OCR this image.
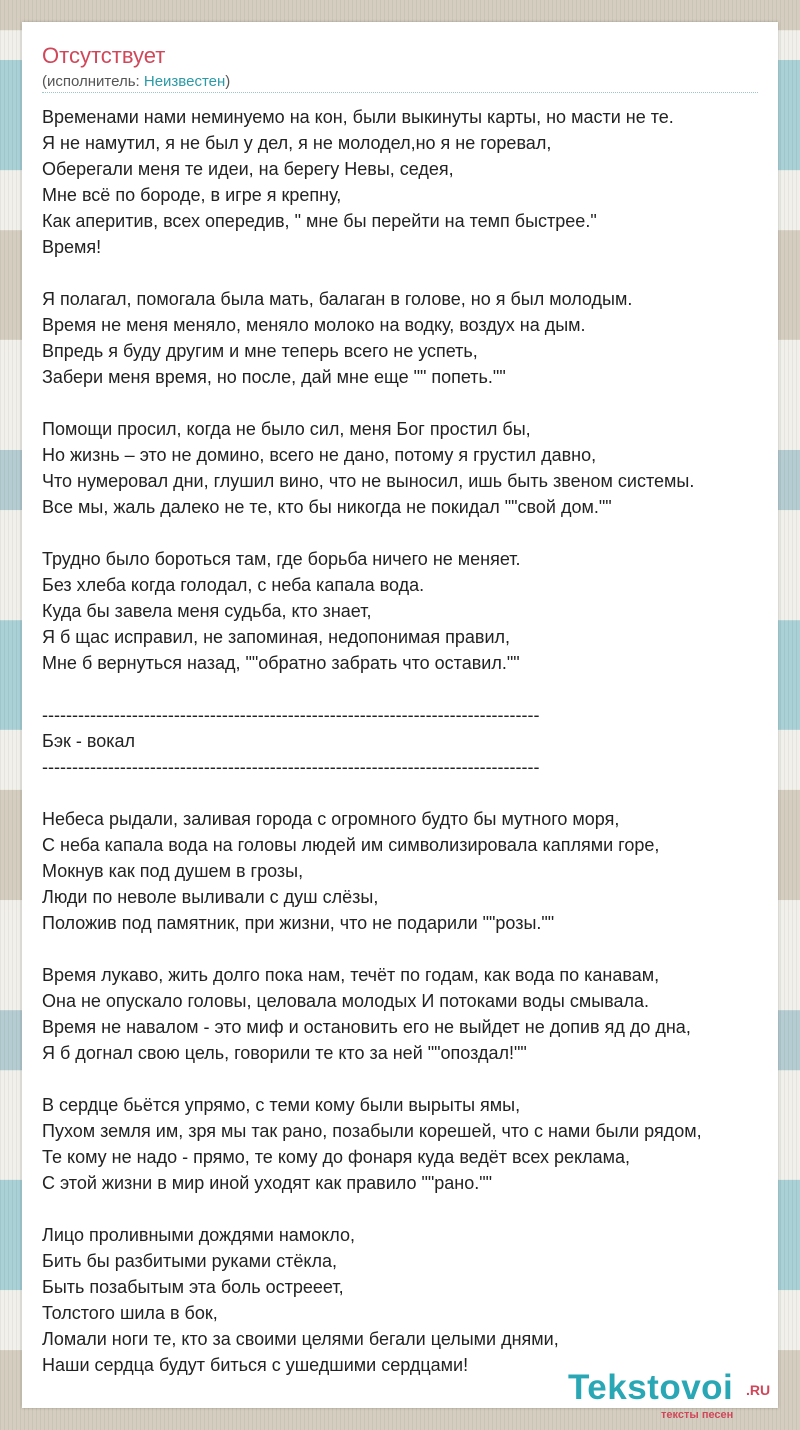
Отсутствует
(исполнитель: Неизвестен)
Временами нами неминуемо на кон, были выкинуты карты, но масти не те.
Я не намутил, я не был у дел, я не молодел,но я не горевал,
Оберегали меня те идеи, на берегу Невы, седея,
Мне всё по бороде, в игре я крепну,
Как аперитив, всех опередив, " мне бы перейти на темп быстрее."
Время!
Я полагал, помогала была мать, балаган в голове, но я был молодым.
Время не меня меняло, меняло молоко на водку, воздух на дым.
Впредь я буду другим и мне теперь всего не успеть,
Забери меня время, но после, дай мне еще "" попеть.""
Помощи просил, когда не было сил, меня Бог простил бы,
Но жизнь – это не домино, всего не дано, потому я грустил давно,
Что нумеровал дни, глушил вино, что не выносил, ишь быть звеном системы.
Все мы, жаль далеко не те, кто бы никогда не покидал ""свой дом.""
Трудно было бороться там, где борьба ничего не меняет.
Без хлеба когда голодал, с неба капала вода.
Куда бы завела меня судьба, кто знает,
Я б щас исправил, не запоминая, недопонимая правил,
Мне б вернуться назад, ""обратно забрать что оставил.""
-----------------------------------------------------------------------------------
Бэк - вокал
-----------------------------------------------------------------------------------
Небеса рыдали, заливая города с огромного будто бы мутного моря,
С неба капала вода на головы людей им символизировала каплями горе,
Мокнув как под душем в грозы,
Люди по неволе выливали с душ слёзы,
Положив под памятник, при жизни, что не подарили ""розы.""
Время лукаво, жить долго пока нам, течёт по годам, как вода по канавам,
Она не опускало головы, целовала молодых И потоками воды смывала.
Время не навалом - это миф и остановить его не выйдет не допив яд до дна,
Я б догнал свою цель, говорили те кто за ней ""опоздал!""
В сердце бьётся упрямо, с теми кому были вырыты ямы,
Пухом земля им, зря мы так рано, позабыли корешей, что с нами были рядом,
Те кому не надо - прямо, те кому до фонаря куда ведёт всех реклама,
С этой жизни в мир иной уходят как правило ""рано.""
Лицо проливными дождями намокло,
Бить бы разбитыми руками стёкла,
Быть позабытым эта боль острееет,
Толстого шила в бок,
Ломали ноги те, кто за своими целями бегали целыми днями,
Наши сердца будут биться с ушедшими сердцами!
Tekstovoi .RU
тексты песен
